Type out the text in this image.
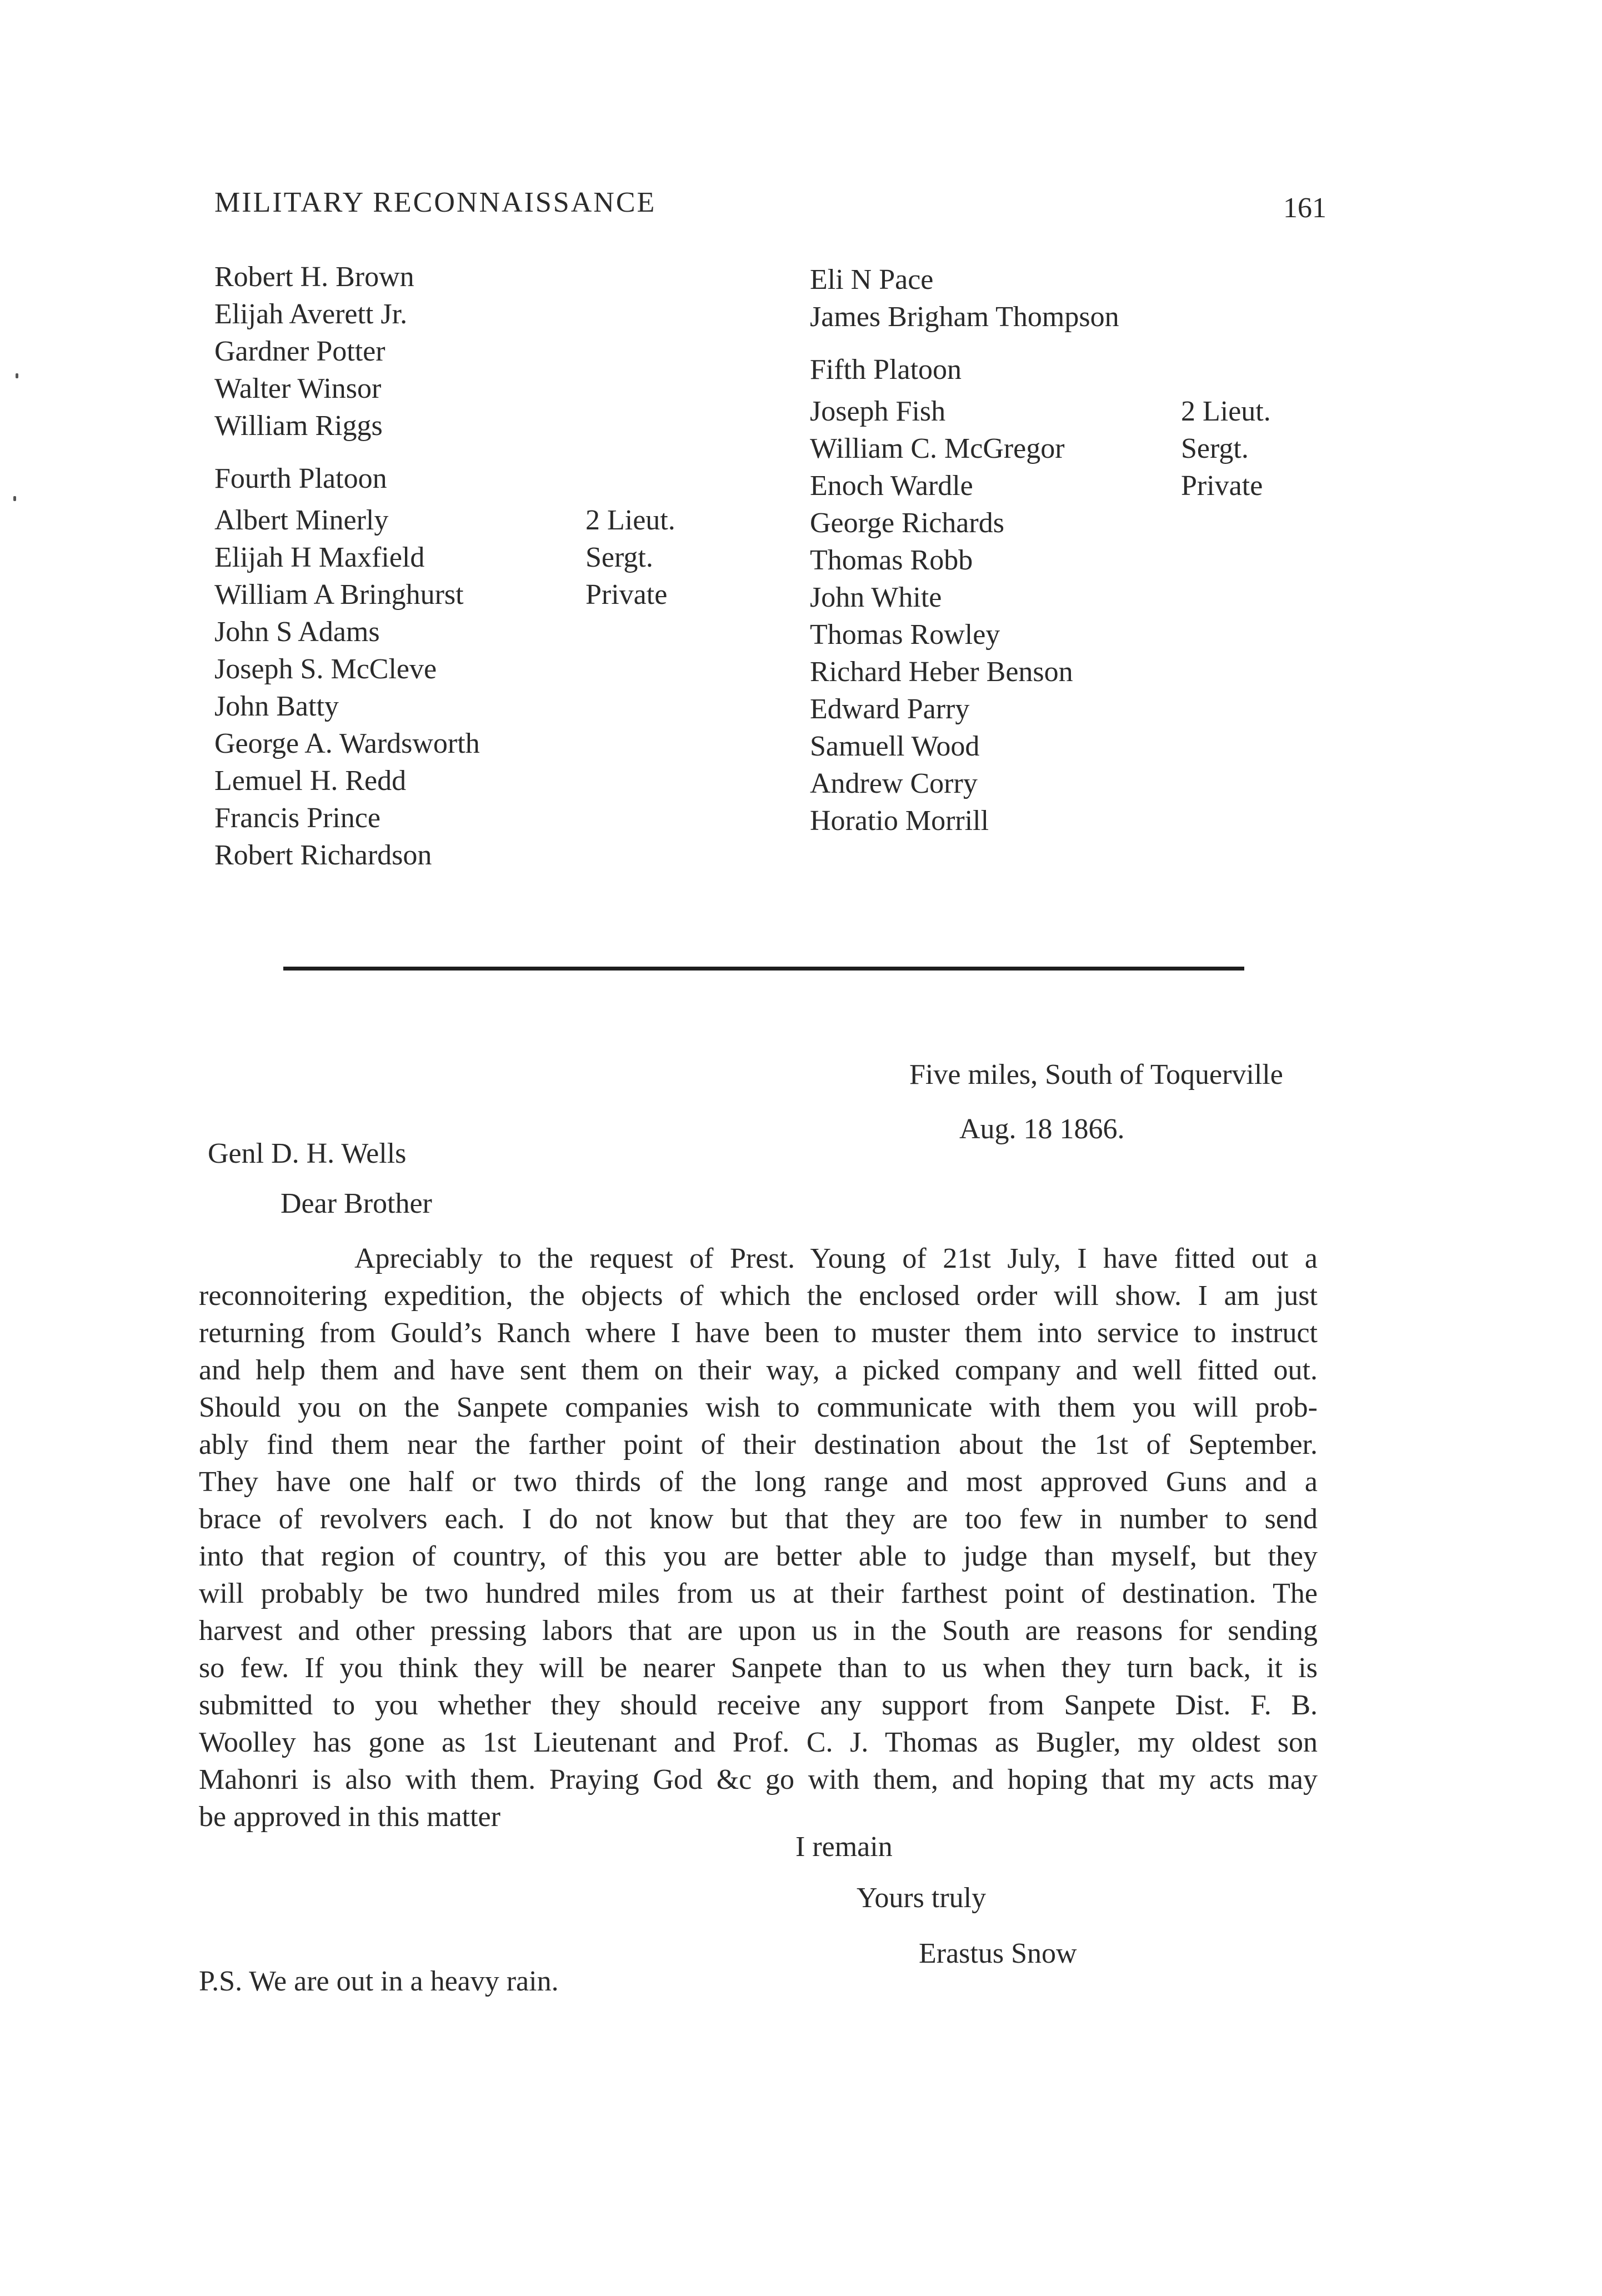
MILITARY RECONNAISSANCE	161
Robert H. Brown
Elijah Averett Jr.
Gardner Potter
Walter Winsor
William Riggs
Fourth Platoon
Albert Minerly	2 Lieut.
Elijah H Maxfield	Sergt.
William A Bringhurst	Private
John S Adams
Joseph S. McCleve
John Batty
George A. Wardsworth
Lemuel H. Redd
Francis Prince
Robert Richardson
Eli N Pace
James Brigham Thompson
Fifth Platoon
Joseph Fish	2 Lieut.
William C. McGregor	Sergt.
Enoch Wardle	Private
George Richards
Thomas Robb
John White
Thomas Rowley
Richard Heber Benson
Edward Parry
Samuell Wood
Andrew Corry
Horatio Morrill
Five miles, South of Toquerville
Aug. 18 1866.
Genl D. H. Wells
Dear Brother
Apreciably to the request of Prest. Young of 21st July, I have fitted out a
reconnoitering expedition, the objects of which the enclosed order will show. I am just
returning from Gould’s Ranch where I have been to muster them into service to instruct
and help them and have sent them on their way, a picked company and well fitted out.
Should you on the Sanpete companies wish to communicate with them you will prob-
ably find them near the farther point of their destination about the 1st of September.
They have one half or two thirds of the long range and most approved Guns and a
brace of revolvers each. I do not know but that they are too few in number to send
into that region of country, of this you are better able to judge than myself, but they
will probably be two hundred miles from us at their farthest point of destination. The
harvest and other pressing labors that are upon us in the South are reasons for sending
so few. If you think they will be nearer Sanpete than to us when they turn back, it is
submitted to you whether they should receive any support from Sanpete Dist. F. B.
Woolley has gone as 1st Lieutenant and Prof. C. J. Thomas as Bugler, my oldest son
Mahonri is also with them. Praying God &c go with them, and hoping that my acts may
be approved in this matter
I remain
Yours truly
Erastus Snow
P.S. We are out in a heavy rain.
